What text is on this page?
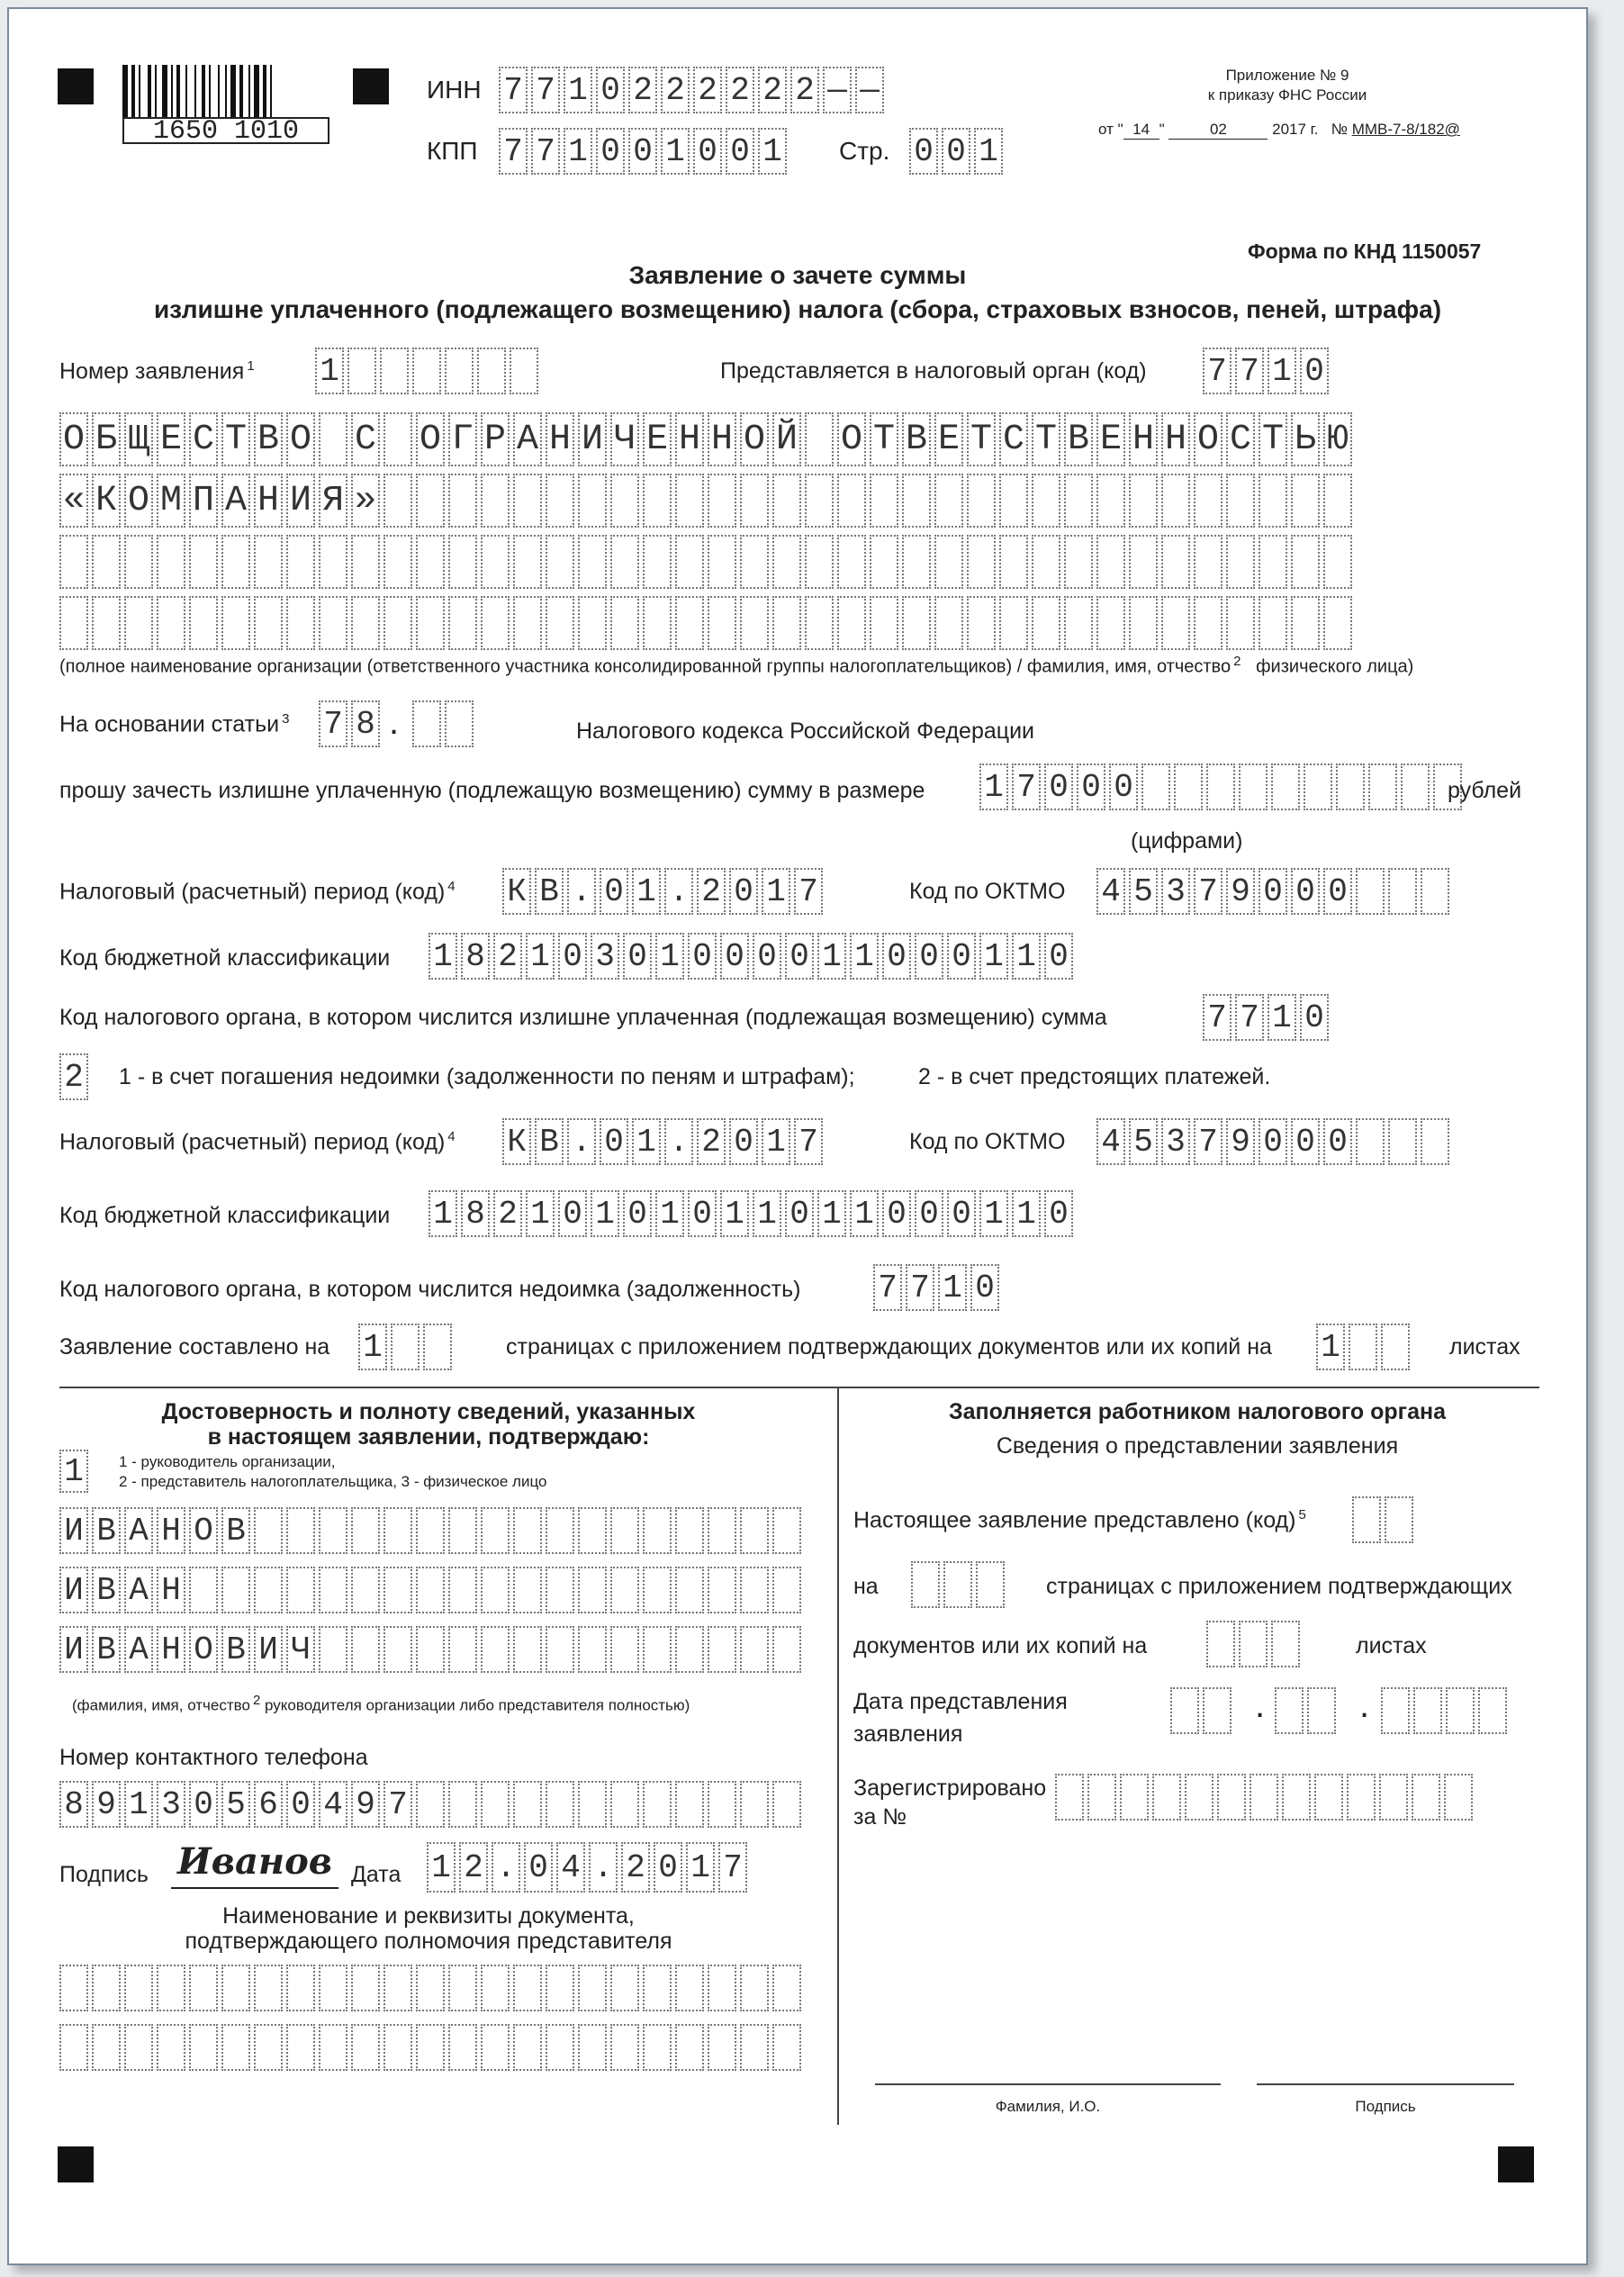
1650 1010
ИНН 7 7 1 0 2 2 2 2 2 2 — —
КПП 7 7 1 0 0 1 0 0 1 Стр. 0 0 1
Приложение № 9
к приказу ФНС России
от " 14 "	02	2017 г. № ММВ-7-8/182@
Форма по КНД 1150057
Заявление о зачете суммы
излишне уплаченного (подлежащего возмещению) налога (сбора, страховых взносов, пеней, штрафа)
Номер заявления $^1$ 1	Представляется в налоговый орган (код) 7 7 1 0
О Б Щ Е С Т В О С О Г Р А Н И Ч Е Н Н О Й О Т В Е Т С Т В Е Н Н О С Т Ь Ю
« К О М П А Н И Я »
(полное наименование организации (ответственного участника консолидированной группы налогоплательщиков) / фамилия, имя, отчество $^2$ физического лица)
На основании статьи $^3$ 7 8 .	Налогового кодекса Российской Федерации
прошу зачесть излишне уплаченную (подлежащую возмещению) сумму в размере 1 7 0 0 0	рублей
(цифрами)
Налоговый (расчетный) период (код) $^4$ К В . 0 1 . 2 0 1 7	Код по ОКТМО 4 5 3 7 9 0 0 0
Код бюджетной классификации 1 8 2 1 0 3 0 1 0 0 0 0 1 1 0 0 0 1 1 0
Код налогового органа, в котором числится излишне уплаченная (подлежащая возмещению) сумма	7 7 1 0
2 1 - в счет погашения недоимки (задолженности по пеням и штрафам);	2 - в счет предстоящих платежей.
Налоговый (расчетный) период (код) $^4$ К В . 0 1 . 2 0 1 7	Код по ОКТМО 4 5 3 7 9 0 0 0
Код бюджетной классификации 1 8 2 1 0 1 0 1 0 1 1 0 1 1 0 0 0 1 1 0
Код налогового органа, в котором числится недоимка (задолженность) 7 7 1 0
Заявление составлено на 1	страницах с приложением подтверждающих документов или их копий на 1	листах
Достоверность и полноту сведений, указанных
в настоящем заявлении, подтверждаю:
1	1 - руководитель организации,
2 - представитель налогоплательщика, 3 - физическое лицо
И В А Н О В
И В А Н
И В А Н О В И Ч
(фамилия, имя, отчество 2 руководителя организации либо представителя полностью)
Номер контактного телефона
8 9 1 3 0 5 6 0 4 9 7
Подпись Иванов Дата 1 2 . 0 4 . 2 0 1 7
Наименование и реквизиты документа,
подтверждающего полномочия представителя
Заполняется работником налогового органа
Сведения о представлении заявления
Настоящее заявление представлено (код) $^5$
на	страницах с приложением подтверждающих
документов или их копий на	листах
Дата представления
заявления
.	.
Зарегистрировано
за №
Фамилия, И.О.	Подпись
